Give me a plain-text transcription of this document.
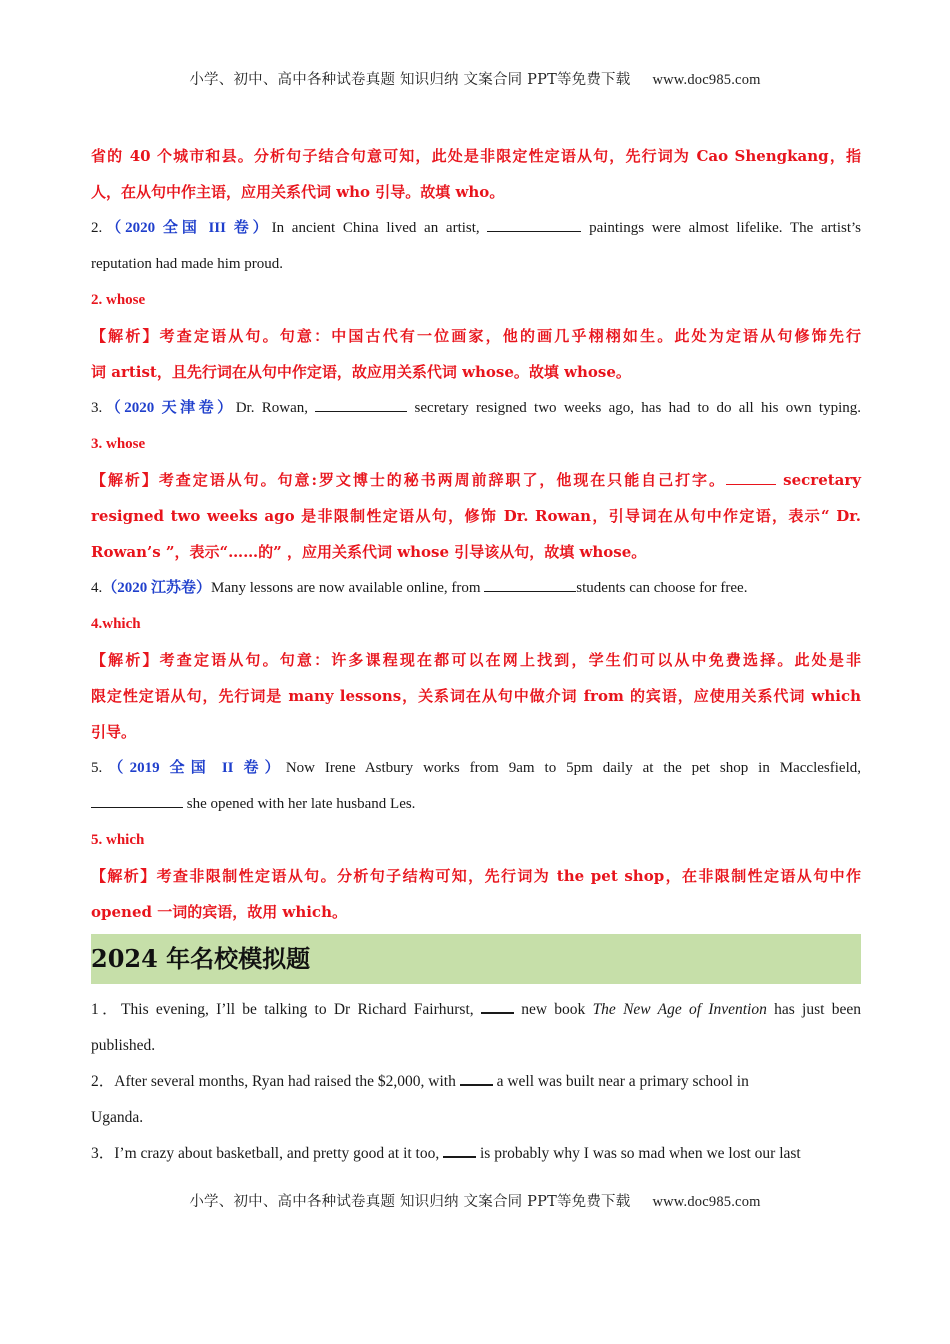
小学、初中、高中各种试卷真题 知识归纳 文案合同 PPT等免费下载 www.doc985.com
省的 40 个城市和县。分析句子结合句意可知，此处是非限定性定语从句，先行词为 Cao Shengkang，指
人，在从句中作主语，应用关系代词 who 引导。故填 who。
2.（2020 全国 III 卷）In ancient China lived an artist,	paintings were almost lifelike. The artist’s
reputation had made him proud.
2. whose
【解析】考查定语从句。句意：中国古代有一位画家，他的画几乎栩栩如生。此处为定语从句修饰先行
词 artist，且先行词在从句中作定语，故应用关系代词 whose。故填 whose。
3.（2020 天津卷）Dr. Rowan,	secretary resigned two weeks ago, has had to do all his own typing.
3. whose
【解析】考查定语从句。句意:罗文博士的秘书两周前辞职了，他现在只能自己打字。	secretary
resigned two weeks ago 是非限制性定语从句，修饰 Dr. Rowan，引导词在从句中作定语，表示“ Dr.
Rowan’s ”，表示“……的” ，应用关系代词 whose 引导该从句，故填 whose。
4.（2020 江苏卷）Many lessons are now available online, from	students can choose for free.
4.which
【解析】考查定语从句。句意：许多课程现在都可以在网上找到，学生们可以从中免费选择。此处是非
限定性定语从句，先行词是 many lessons，关系词在从句中做介词 from 的宾语，应使用关系代词 which
引导。
5.（2019 全国 II 卷）Now Irene Astbury works from 9am to 5pm daily at the pet shop in Macclesfield,
she opened with her late husband Les.
5. which
【解析】考查非限制性定语从句。分析句子结构可知，先行词为 the pet shop，在非限制性定语从句中作
opened 一词的宾语，故用 which。
2024 年名校模拟题
1．This evening, I’ll be talking to Dr Richard Fairhurst,  new book The New Age of Invention has just been
published.
2．After several months, Ryan had raised the $2,000, with  a well was built near a primary school in
Uganda.
3．I’m crazy about basketball, and pretty good at it too,  is probably why I was so mad when we lost our last
小学、初中、高中各种试卷真题 知识归纳 文案合同 PPT等免费下载 www.doc985.com
